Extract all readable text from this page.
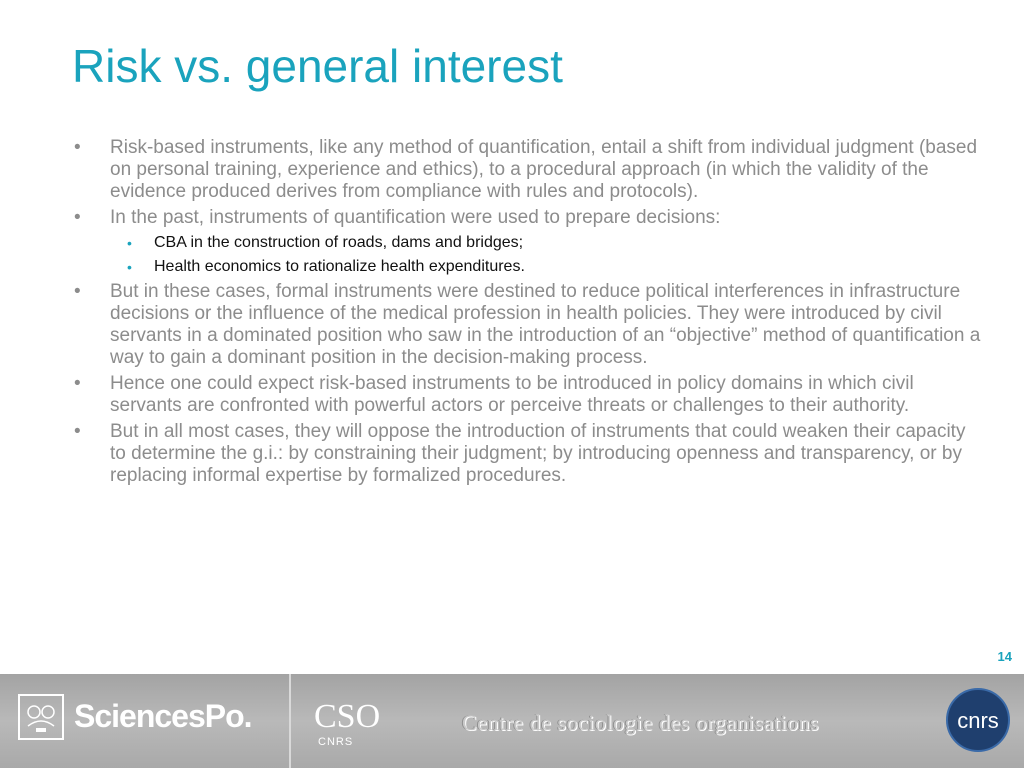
Risk vs. general interest
• Risk-based instruments, like any method of quantification, entail a shift from individual judgment (based on personal training, experience and ethics), to a procedural approach (in which the validity of the evidence produced derives from compliance with rules and protocols).
• In the past, instruments of quantification were used to prepare decisions:
• CBA in the construction of roads, dams and bridges;
• Health economics to rationalize health expenditures.
• But in these cases, formal instruments were destined to reduce political interferences in infrastructure decisions or the influence of the medical profession in health policies. They were introduced by civil servants in a dominated position who saw in the introduction of an “objective” method of quantification a way to gain a dominant position in the decision-making process.
• Hence one could expect risk-based instruments to be introduced in policy domains in which civil servants are confronted with powerful actors or perceive threats or challenges to their authority.
• But in all most cases, they will oppose the introduction of instruments that could weaken their capacity to determine the g.i.: by constraining their judgment; by introducing openness and transparency, or by replacing informal expertise by formalized procedures.
14
SciencesPo. CSO
CNRS
Centre de sociologie des organisations	cnrs
